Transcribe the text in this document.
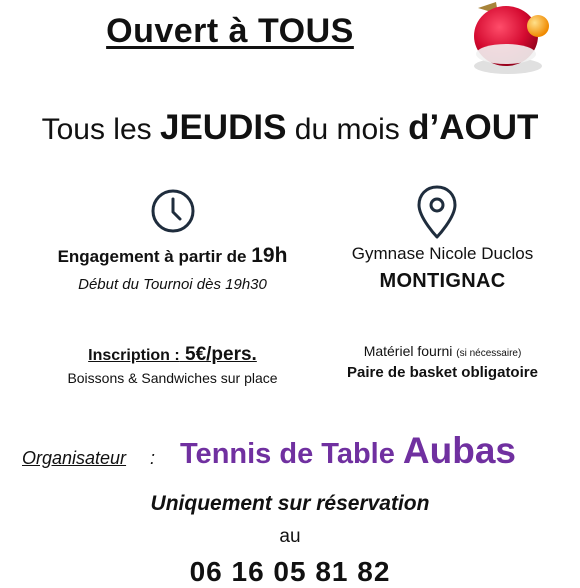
Ouvert à TOUS
Tous les JEUDIS du mois d’AOUT
Engagement à partir de 19h
Début du Tournoi dès 19h30
Gymnase Nicole Duclos
MONTIGNAC
Inscription : 5€/pers.
Boissons & Sandwiches sur place
Matériel fourni (si nécessaire)
Paire de basket obligatoire
Organisateur : Tennis de Table Aubas
Uniquement sur réservation
au
06 16 05 81 82
